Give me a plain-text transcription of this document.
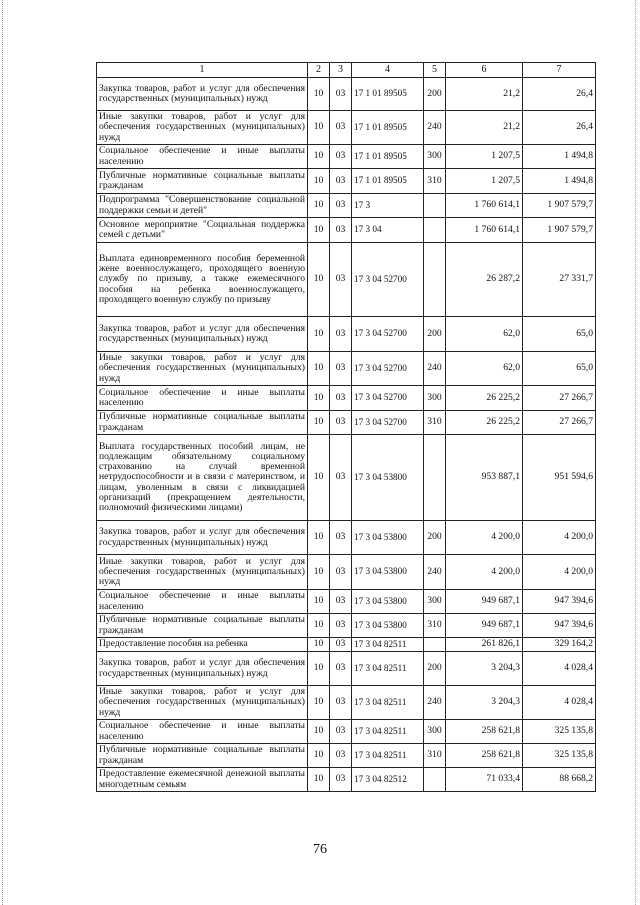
1	2	3	4	5	6	7
Закупка товаров, работ и услуг для обеспечения государственных (муниципальных) нужд	10	03	17 1 01 89505	200	21,2	26,4
Иные закупки товаров, работ и услуг для обеспечения государственных (муниципальных) нужд	10	03	17 1 01 89505	240	21,2	26,4
Социальное обеспечение и иные выплаты населению	10	03	17 1 01 89505	300	1 207,5	1 494,8
Публичные нормативные социальные выплаты гражданам	10	03	17 1 01 89505	310	1 207,5	1 494,8
Подпрограмма "Совершенствование социальной поддержки семьи и детей"	10	03	17 3		1 760 614,1	1 907 579,7
Основное мероприятие "Социальная поддержка семей с детьми"	10	03	17 3 04		1 760 614,1	1 907 579,7
Выплата единовременного пособия беременной жене военнослужащего, проходящего военную службу по призыву, а также ежемесячного пособия на ребенка военнослужащего, проходящего военную службу по призыву	10	03	17 3 04 52700		26 287,2	27 331,7
Закупка товаров, работ и услуг для обеспечения государственных (муниципальных) нужд	10	03	17 3 04 52700	200	62,0	65,0
Иные закупки товаров, работ и услуг для обеспечения государственных (муниципальных) нужд	10	03	17 3 04 52700	240	62,0	65,0
Социальное обеспечение и иные выплаты населению	10	03	17 3 04 52700	300	26 225,2	27 266,7
Публичные нормативные социальные выплаты гражданам	10	03	17 3 04 52700	310	26 225,2	27 266,7
Выплата государственных пособий лицам, не подлежащим обязательному социальному страхованию на случай временной нетрудоспособности и в связи с материнством, и лицам, уволенным в связи с ликвидацией организаций (прекращением деятельности, полномочий физическими лицами)	10	03	17 3 04 53800		953 887,1	951 594,6
Закупка товаров, работ и услуг для обеспечения государственных (муниципальных) нужд	10	03	17 3 04 53800	200	4 200,0	4 200,0
Иные закупки товаров, работ и услуг для обеспечения государственных (муниципальных) нужд	10	03	17 3 04 53800	240	4 200,0	4 200,0
Социальное обеспечение и иные выплаты населению	10	03	17 3 04 53800	300	949 687,1	947 394,6
Публичные нормативные социальные выплаты гражданам	10	03	17 3 04 53800	310	949 687,1	947 394,6
Предоставление пособия на ребенка	10	03	17 3 04 82511		261 826,1	329 164,2
Закупка товаров, работ и услуг для обеспечения государственных (муниципальных) нужд	10	03	17 3 04 82511	200	3 204,3	4 028,4
Иные закупки товаров, работ и услуг для обеспечения государственных (муниципальных) нужд	10	03	17 3 04 82511	240	3 204,3	4 028,4
Социальное обеспечение и иные выплаты населению	10	03	17 3 04 82511	300	258 621,8	325 135,8
Публичные нормативные социальные выплаты гражданам	10	03	17 3 04 82511	310	258 621,8	325 135,8
Предоставление ежемесячной денежной выплаты многодетным семьям	10	03	17 3 04 82512		71 033,4	88 668,2
76
